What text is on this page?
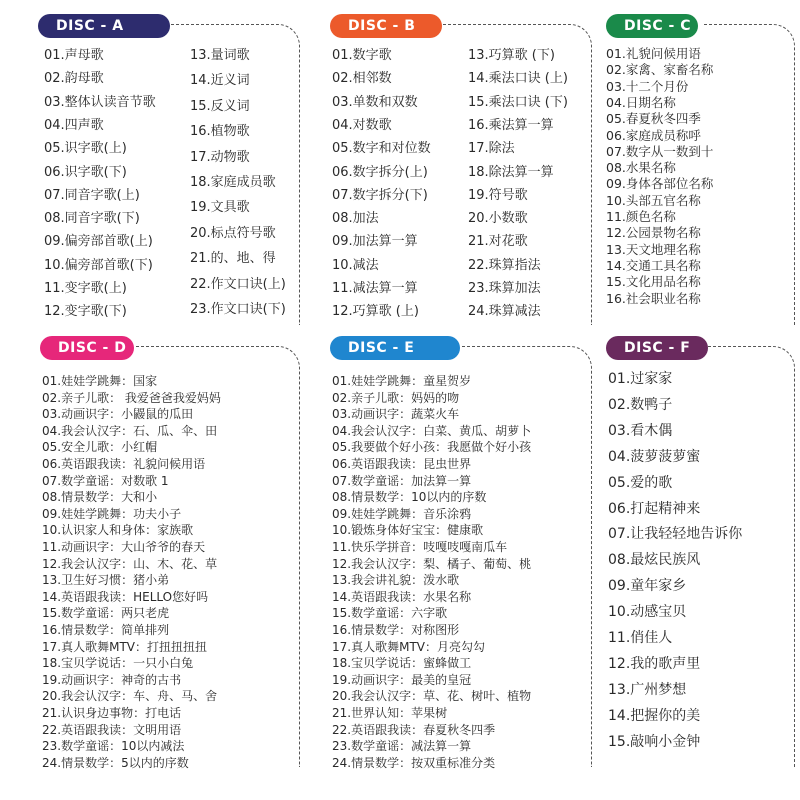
DISC - A
01.声母歌
02.韵母歌
03.整体认读音节歌
04.四声歌
05.识字歌(上)
06.识字歌(下)
07.同音字歌(上)
08.同音字歌(下)
09.偏旁部首歌(上)
10.偏旁部首歌(下)
11.变字歌(上)
12.变字歌(下)
13.量词歌
14.近义词
15.反义词
16.植物歌
17.动物歌
18.家庭成员歌
19.文具歌
20.标点符号歌
21.的、地、得
22.作文口诀(上)
23.作文口诀(下)
DISC - B
01.数字歌
02.相邻数
03.单数和双数
04.对数歌
05.数字和对位数
06.数字拆分(上)
07.数字拆分(下)
08.加法
09.加法算一算
10.减法
11.减法算一算
12.巧算歌 (上)
13.巧算歌 (下)
14.乘法口诀 (上)
15.乘法口诀 (下)
16.乘法算一算
17.除法
18.除法算一算
19.符号歌
20.小数歌
21.对花歌
22.珠算指法
23.珠算加法
24.珠算减法
DISC - C
01.礼貌问候用语
02.家禽、家畜名称
03.十二个月份
04.日期名称
05.春夏秋冬四季
06.家庭成员称呼
07.数字从一数到十
08.水果名称
09.身体各部位名称
10.头部五官名称
11.颜色名称
12.公园景物名称
13.天文地理名称
14.交通工具名称
15.文化用品名称
16.社会职业名称
DISC - D
01.娃娃学跳舞：国家
02.亲子儿歌： 我爱爸爸我爱妈妈
03.动画识字：小鼹鼠的瓜田
04.我会认汉字：石、瓜、伞、田
05.安全儿歌：小红帽
06.英语跟我读：礼貌问候用语
07.数学童谣：对数歌 1
08.情景数学：大和小
09.娃娃学跳舞：功夫小子
10.认识家人和身体：家族歌
11.动画识字：大山爷爷的春天
12.我会认汉字：山、木、花、草
13.卫生好习惯：猪小弟
14.英语跟我读：HELLO您好吗
15.数学童谣：两只老虎
16.情景数学：简单排列
17.真人歌舞MTV：打扭扭扭扭
18.宝贝学说话：一只小白兔
19.动画识字：神奇的古书
20.我会认汉字：车、舟、马、舍
21.认识身边事物：打电话
22.英语跟我读：文明用语
23.数学童谣：10以内减法
24.情景数学：5以内的序数
DISC - E
01.娃娃学跳舞：童星贺岁
02.亲子儿歌：妈妈的吻
03.动画识字：蔬菜火车
04.我会认汉字：白菜、黄瓜、胡萝卜
05.我要做个好小孩：我愿做个好小孩
06.英语跟我读：昆虫世界
07.数学童谣：加法算一算
08.情景数学：10以内的序数
09.娃娃学跳舞：音乐涂鸦
10.锻炼身体好宝宝：健康歌
11.快乐学拼音：吱嘎吱嘎南瓜车
12.我会认汉字：梨、橘子、葡萄、桃
13.我会讲礼貌：泼水歌
14.英语跟我读：水果名称
15.数学童谣：六字歌
16.情景数学：对称图形
17.真人歌舞MTV：月亮勾勾
18.宝贝学说话：蜜蜂做工
19.动画识字：最美的皇冠
20.我会认汉字：草、花、树叶、植物
21.世界认知：苹果树
22.英语跟我读：春夏秋冬四季
23.数学童谣：减法算一算
24.情景数学：按双重标准分类
DISC - F
01.过家家
02.数鸭子
03.看木偶
04.菠萝菠萝蜜
05.爱的歌
06.打起精神来
07.让我轻轻地告诉你
08.最炫民族风
09.童年家乡
10.动感宝贝
11.俏佳人
12.我的歌声里
13.广州梦想
14.把握你的美
15.敲响小金钟
